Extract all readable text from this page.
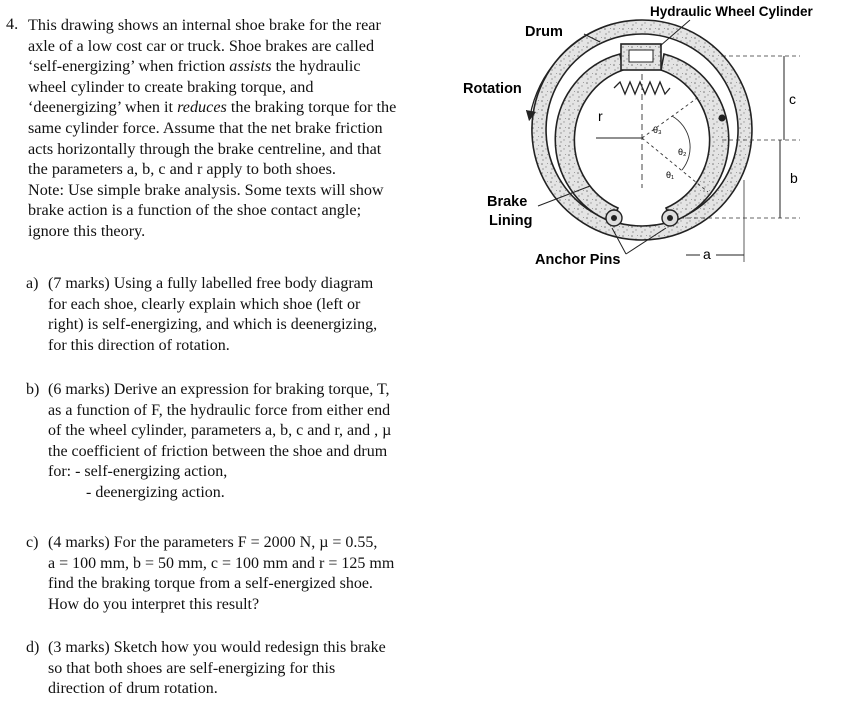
4. This drawing shows an internal shoe brake for the rear
axle of a low cost car or truck. Shoe brakes are called
‘self-energizing’ when friction assists the hydraulic
wheel cylinder to create braking torque, and
‘deenergizing’ when it reduces the braking torque for the
same cylinder force. Assume that the net brake friction
acts horizontally through the brake centreline, and that
the parameters a, b, c and r apply to both shoes.
Note: Use simple brake analysis. Some texts will show
brake action is a function of the shoe contact angle;
ignore this theory.
a) (7 marks) Using a fully labelled free body diagram
for each shoe, clearly explain which shoe (left or
right) is self-energizing, and which is deenergizing,
for this direction of rotation.
b) (6 marks) Derive an expression for braking torque, T,
as a function of F, the hydraulic force from either end
of the wheel cylinder, parameters a, b, c and r, and , µ
the coefficient of friction between the shoe and drum
for: - self-energizing action,
- deenergizing action.
c) (4 marks) For the parameters F = 2000 N, µ = 0.55,
a = 100 mm, b = 50 mm, c = 100 mm and r = 125 mm
find the braking torque from a self-energized shoe.
How do you interpret this result?
d) (3 marks) Sketch how you would redesign this brake
so that both shoes are self-energizing for this
direction of drum rotation.
Hydraulic Wheel Cylinder
Drum
Rotation
Brake
Lining
Anchor Pins
r
c
b
a
θ₃
θ₂
θ₁
